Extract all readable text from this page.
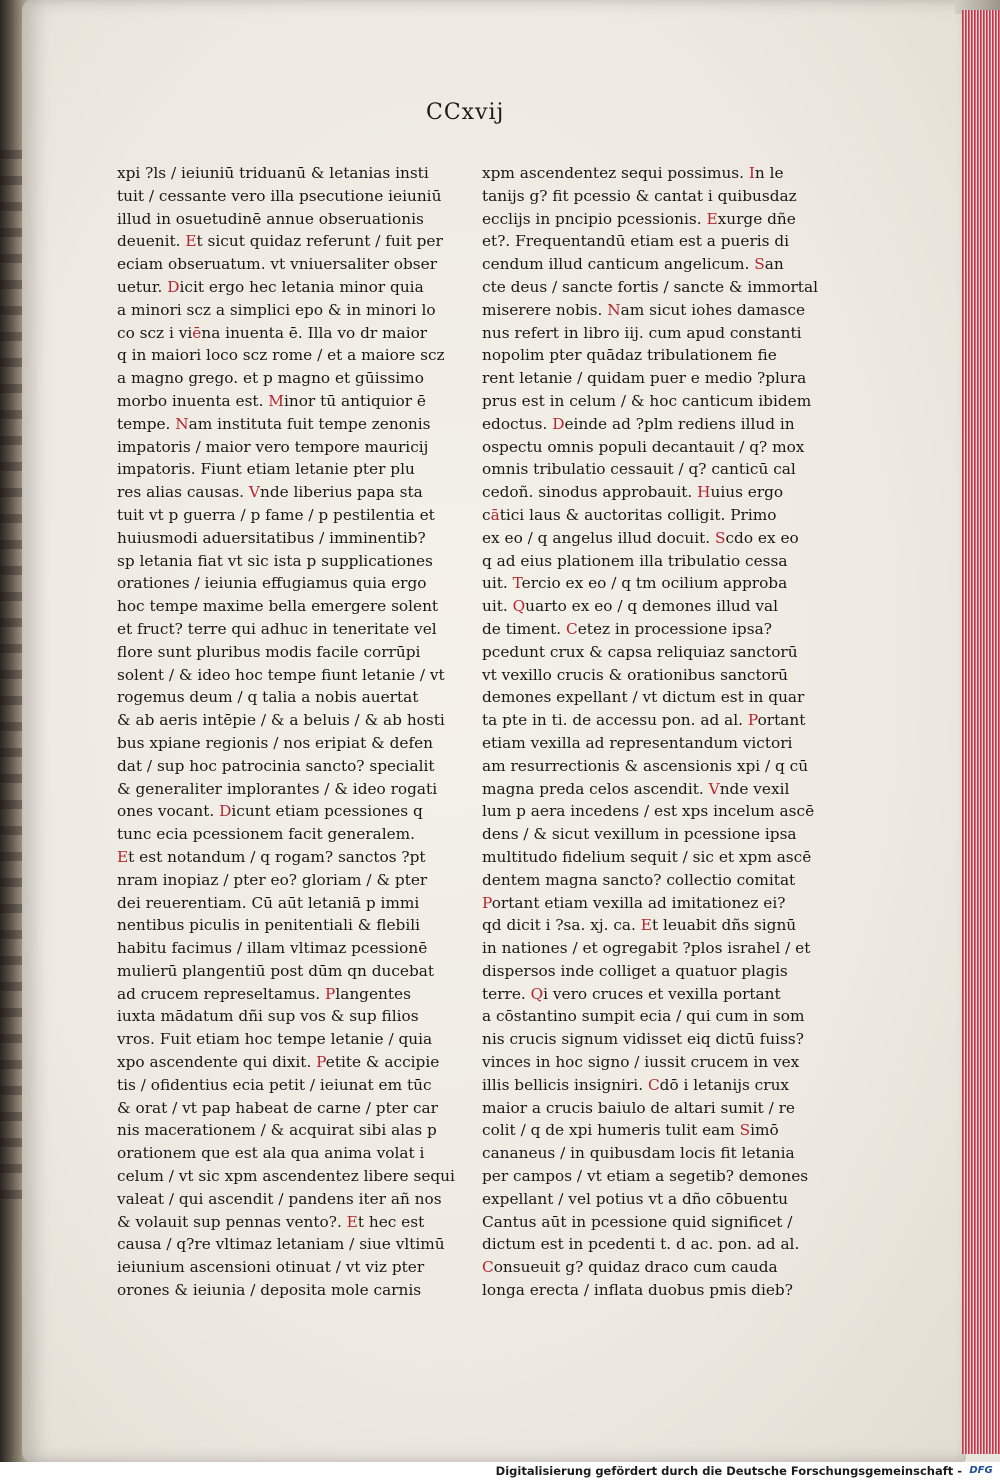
CCxvij
xpi ?ls / ieiuniū triduanū & letanias insti
tuit / cessante vero illa psecutione ieiuniū
illud in osuetudinē annue obseruationis
deuenit. Et sicut quidaz referunt / fuit per
eciam obseruatum. vt vniuersaliter obser
uetur. Dicit ergo hec letania minor quia
a minori scz a simplici epo & in minori lo
co scz i viēna inuenta ē. Illa vo dr maior
q in maiori loco scz rome / et a maiore scz
a magno grego. et p magno et gūissimo
morbo inuenta est. Minor tū antiquior ē
tempe. Nam instituta fuit tempe zenonis
impatoris / maior vero tempore mauricij
impatoris. Fiunt etiam letanie pter plu
res alias causas. Vnde liberius papa sta
tuit vt p guerra / p fame / p pestilentia et
huiusmodi aduersitatibus / imminentib?
sp letania fiat vt sic ista p supplicationes
orationes / ieiunia effugiamus quia ergo
hoc tempe maxime bella emergere solent
et fruct? terre qui adhuc in teneritate vel
flore sunt pluribus modis facile corrūpi
solent / & ideo hoc tempe fiunt letanie / vt
rogemus deum / q talia a nobis auertat
& ab aeris intēpie / & a beluis / & ab hosti
bus xpiane regionis / nos eripiat & defen
dat / sup hoc patrocinia sancto? specialit
& generaliter implorantes / & ideo rogati
ones vocant. Dicunt etiam pcessiones q
tunc ecia pcessionem facit generalem.
Et est notandum / q rogam? sanctos ?pt
nram inopiaz / pter eo? gloriam / & pter
dei reuerentiam. Cū aūt letaniā p immi
nentibus piculis in penitentiali & flebili
habitu facimus / illam vltimaz pcessionē
mulierū plangentiū post dūm qn ducebat
ad crucem represeltamus. Plangentes
iuxta mādatum dñi sup vos & sup filios
vros. Fuit etiam hoc tempe letanie / quia
xpo ascendente qui dixit. Petite & accipie
tis / ofidentius ecia petit / ieiunat em tūc
& orat / vt pap habeat de carne / pter car
nis macerationem / & acquirat sibi alas p
orationem que est ala qua anima volat i
celum / vt sic xpm ascendentez libere sequi
valeat / qui ascendit / pandens iter añ nos
& volauit sup pennas vento?. Et hec est
causa / q?re vltimaz letaniam / siue vltimū
ieiunium ascensioni otinuat / vt viz pter
orones & ieiunia / deposita mole carnis
xpm ascendentez sequi possimus. In le
tanijs g? fit pcessio & cantat i quibusdaz
ecclijs in pncipio pcessionis. Exurge dñe
et?. Frequentandū etiam est a pueris di
cendum illud canticum angelicum. San
cte deus / sancte fortis / sancte & immortal
miserere nobis. Nam sicut iohes damasce
nus refert in libro iij. cum apud constanti
nopolim pter quādaz tribulationem fie
rent letanie / quidam puer e medio ?plura
prus est in celum / & hoc canticum ibidem
edoctus. Deinde ad ?plm rediens illud in
ospectu omnis populi decantauit / q? mox
omnis tribulatio cessauit / q? canticū cal
cedoñ. sinodus approbauit. Huius ergo
cātici laus & auctoritas colligit. Primo
ex eo / q angelus illud docuit. Scdo ex eo
q ad eius plationem illa tribulatio cessa
uit. Tercio ex eo / q tm ocilium approba
uit. Quarto ex eo / q demones illud val
de timent. Cetez in processione ipsa?
pcedunt crux & capsa reliquiaz sanctorū
vt vexillo crucis & orationibus sanctorū
demones expellant / vt dictum est in quar
ta pte in ti. de accessu pon. ad al. Portant
etiam vexilla ad representandum victori
am resurrectionis & ascensionis xpi / q cū
magna preda celos ascendit. Vnde vexil
lum p aera incedens / est xps incelum ascē
dens / & sicut vexillum in pcessione ipsa
multitudo fidelium sequit / sic et xpm ascē
dentem magna sancto? collectio comitat
Portant etiam vexilla ad imitationez ei?
qd dicit i ?sa. xj. ca. Et leuabit dñs signū
in nationes / et ogregabit ?plos israhel / et
dispersos inde colliget a quatuor plagis
terre. Qi vero cruces et vexilla portant
a cōstantino sumpit ecia / qui cum in som
nis crucis signum vidisset eiq dictū fuiss?
vinces in hoc signo / iussit crucem in vex
illis bellicis insigniri. Cdō i letanijs crux
maior a crucis baiulo de altari sumit / re
colit / q de xpi humeris tulit eam Simō
cananeus / in quibusdam locis fit letania
per campos / vt etiam a segetib? demones
expellant / vel potius vt a dño cōbuentu
Cantus aūt in pcessione quid significet /
dictum est in pcedenti t. d ac. pon. ad al.
Consueuit g? quidaz draco cum cauda
longa erecta / inflata duobus pmis dieb?
Digitalisierung gefördert durch die Deutsche Forschungsgemeinschaft - DFG
